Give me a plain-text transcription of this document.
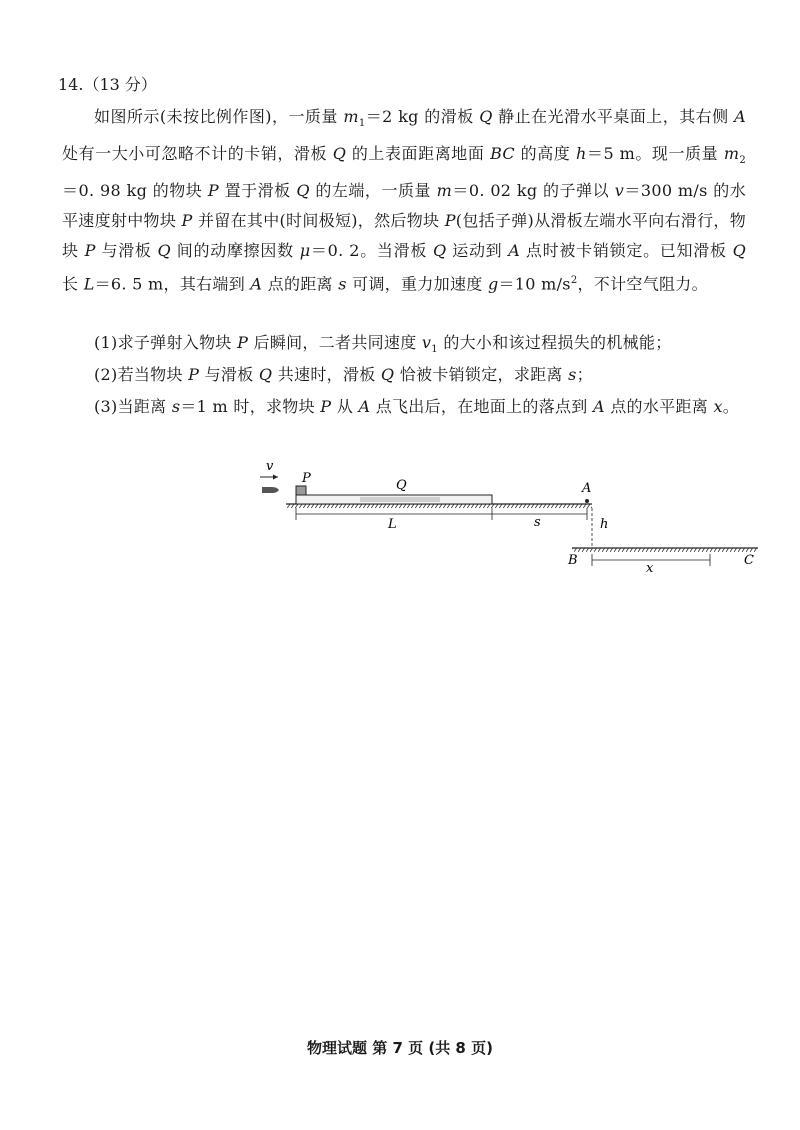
14.（13 分）
如图所示(未按比例作图)，一质量 $m_1=2$ kg 的滑板 Q 静止在光滑水平桌面上，其右侧 A 处有一大小可忽略不计的卡销，滑板 Q 的上表面距离地面 BC 的高度 h＝5 m。现一质量 $m_2=0$. 98 kg 的物块 P 置于滑板 Q 的左端，一质量 m＝0. 02 kg 的子弹以 v＝300 m/s 的水平速度射中物块 P 并留在其中(时间极短)，然后物块 P(包括子弹)从滑板左端水平向右滑行，物块 P 与滑板 Q 间的动摩擦因数 μ＝0. 2。当滑板 Q 运动到 A 点时被卡销锁定。已知滑板 Q 长 L＝6. 5 m，其右端到 A 点的距离 s 可调，重力加速度 g＝10 $m/s^2$，不计空气阻力。
(1)求子弹射入物块 P 后瞬间，二者共同速度 $v_1$ 的大小和该过程损失的机械能；
(2)若当物块 P 与滑板 Q 共速时，滑板 Q 恰被卡销锁定，求距离 s；
(3)当距离 s＝1 m 时，求物块 P 从 A 点飞出后，在地面上的落点到 A 点的水平距离 x。
v
P	Q	A
L	s	h
B	C
x
物理试题 第 7 页 (共 8 页)
